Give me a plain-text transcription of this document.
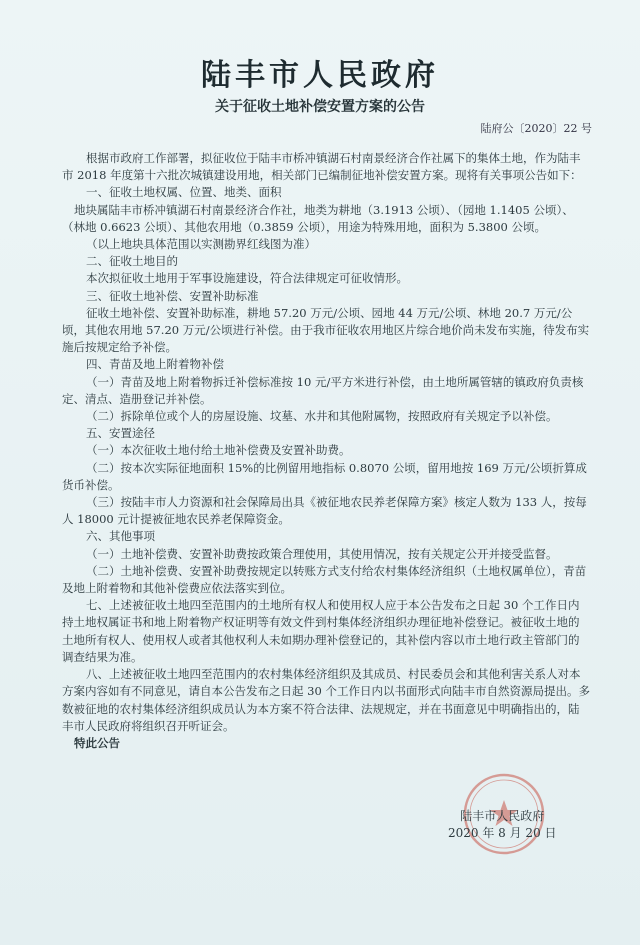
陆丰市人民政府
关于征收土地补偿安置方案的公告
陆府公〔2020〕22 号

根据市政府工作部署，拟征收位于陆丰市桥冲镇湖石村南景经济合作社属下的集体土地，作为陆丰市 2018 年度第十六批次城镇建设用地，相关部门已编制征地补偿安置方案。现将有关事项公告如下：

一、征收土地权属、位置、地类、面积

地块属陆丰市桥冲镇湖石村南景经济合作社，地类为耕地（3.1913 公顷）、（园地 1.1405 公顷）、（林地 0.6623 公顷）、其他农用地（0.3859 公顷），用途为特殊用地，面积为 5.3800 公顷。

（以上地块具体范围以实测勘界红线图为准）

二、征收土地目的

本次拟征收土地用于军事设施建设，符合法律规定可征收情形。

三、征收土地补偿、安置补助标准

征收土地补偿、安置补助标准，耕地 57.20 万元/公顷、园地 44 万元/公顷、林地 20.7 万元/公顷，其他农用地 57.20 万元/公顷进行补偿。由于我市征收农用地区片综合地价尚未发布实施，待发布实施后按规定给予补偿。

四、青苗及地上附着物补偿

（一）青苗及地上附着物拆迁补偿标准按 10 元/平方米进行补偿，由土地所属管辖的镇政府负责核定、清点、造册登记并补偿。

（二）拆除单位或个人的房屋设施、坟墓、水井和其他附属物，按照政府有关规定予以补偿。

五、安置途径

（一）本次征收土地付给土地补偿费及安置补助费。

（二）按本次实际征地面积 15%的比例留用地指标 0.8070 公顷，留用地按 169 万元/公顷折算成货币补偿。

（三）按陆丰市人力资源和社会保障局出具《被征地农民养老保障方案》核定人数为 133 人，按每人 18000 元计提被征地农民养老保障资金。

六、其他事项

（一）土地补偿费、安置补助费按政策合理使用，其使用情况，按有关规定公开并接受监督。

（二）土地补偿费、安置补助费按规定以转账方式支付给农村集体经济组织（土地权属单位），青苗及地上附着物和其他补偿费应依法落实到位。

七、上述被征收土地四至范围内的土地所有权人和使用权人应于本公告发布之日起 30 个工作日内持土地权属证书和地上附着物产权证明等有效文件到村集体经济组织办理征地补偿登记。被征收土地的土地所有权人、使用权人或者其他权利人未如期办理补偿登记的，其补偿内容以市土地行政主管部门的调查结果为准。

八、上述被征收土地四至范围内的农村集体经济组织及其成员、村民委员会和其他利害关系人对本方案内容如有不同意见，请自本公告发布之日起 30 个工作日内以书面形式向陆丰市自然资源局提出。多数被征地的农村集体经济组织成员认为本方案不符合法律、法规规定，并在书面意见中明确指出的，陆丰市人民政府将组织召开听证会。

特此公告

陆丰市人民政府
2020 年 8 月 20 日
